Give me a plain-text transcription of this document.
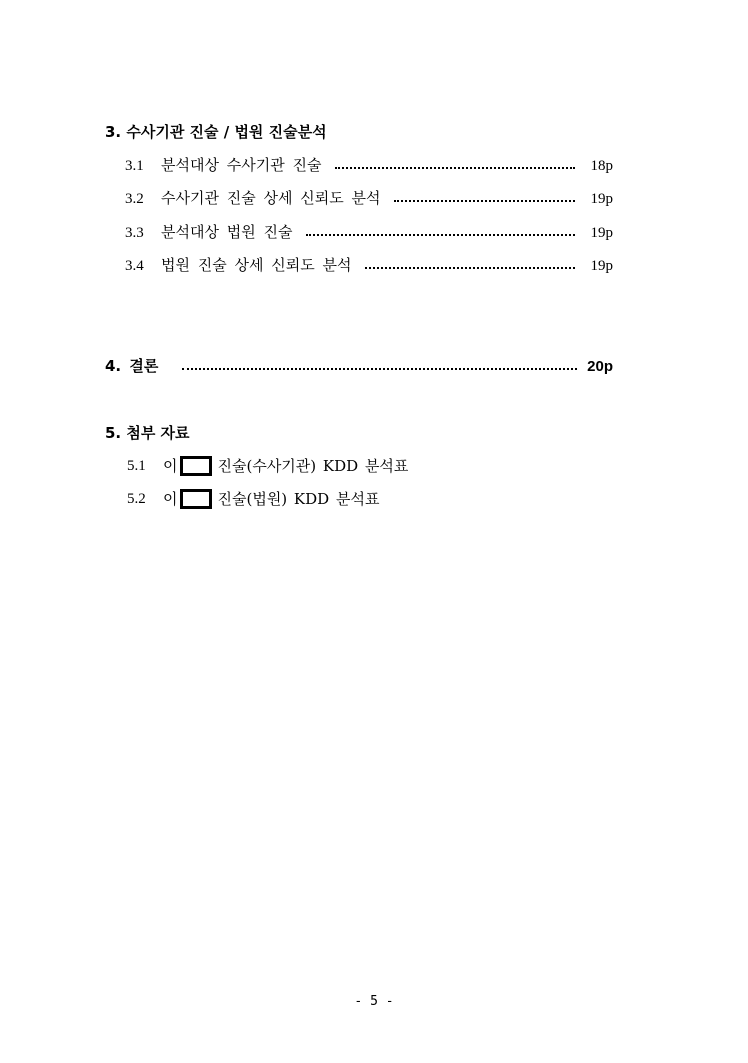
3. 수사기관 진술 / 법원 진술분석
3.1	분석대상 수사기관 진술	18p
3.2	수사기관 진술 상세 신뢰도 분석	19p
3.3	분석대상 법원 진술	19p
3.4	법원 진술 상세 신뢰도 분석	19p
4. 결론	20p
5. 첨부 자료
5.1	이	진술(수사기관) KDD 분석표
5.2	이	진술(법원) KDD 분석표
- 5 -
